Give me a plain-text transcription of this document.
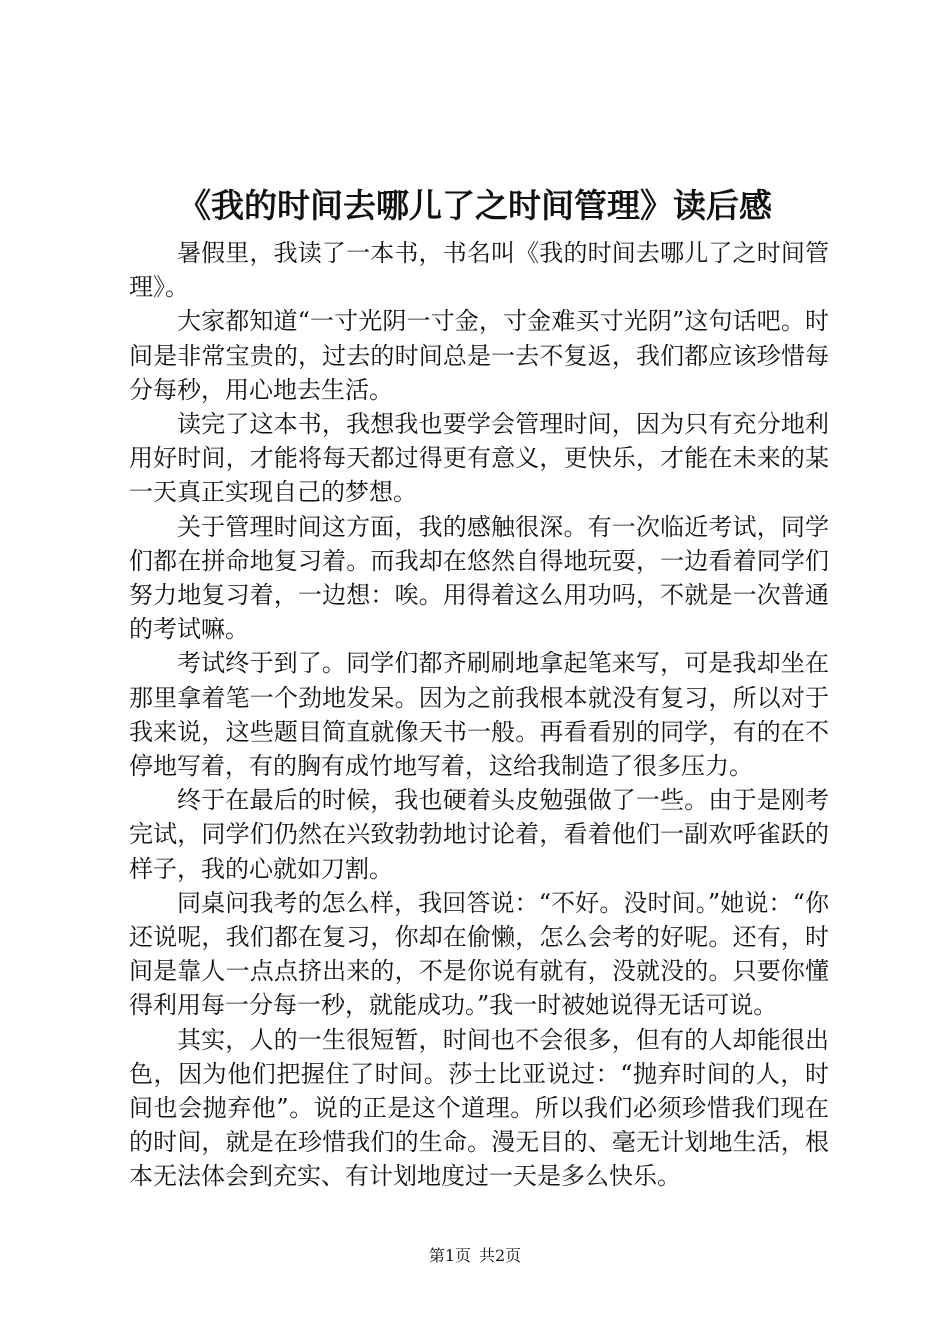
《我的时间去哪儿了之时间管理》读后感

暑假里，我读了一本书，书名叫《我的时间去哪儿了之时间管理》。

大家都知道“一寸光阴一寸金，寸金难买寸光阴”这句话吧。时间是非常宝贵的，过去的时间总是一去不复返，我们都应该珍惜每分每秒，用心地去生活。

读完了这本书，我想我也要学会管理时间，因为只有充分地利用好时间，才能将每天都过得更有意义，更快乐，才能在未来的某一天真正实现自己的梦想。

关于管理时间这方面，我的感触很深。有一次临近考试，同学们都在拼命地复习着。而我却在悠然自得地玩耍，一边看着同学们努力地复习着，一边想：唉。用得着这么用功吗，不就是一次普通的考试嘛。

考试终于到了。同学们都齐刷刷地拿起笔来写，可是我却坐在那里拿着笔一个劲地发呆。因为之前我根本就没有复习，所以对于我来说，这些题目简直就像天书一般。再看看别的同学，有的在不停地写着，有的胸有成竹地写着，这给我制造了很多压力。

终于在最后的时候，我也硬着头皮勉强做了一些。由于是刚考完试，同学们仍然在兴致勃勃地讨论着，看着他们一副欢呼雀跃的样子，我的心就如刀割。

同桌问我考的怎么样，我回答说：“不好。没时间。”她说：“你还说呢，我们都在复习，你却在偷懒，怎么会考的好呢。还有，时间是靠人一点点挤出来的，不是你说有就有，没就没的。只要你懂得利用每一分每一秒，就能成功。”我一时被她说得无话可说。

其实，人的一生很短暂，时间也不会很多，但有的人却能很出色，因为他们把握住了时间。莎士比亚说过：“抛弃时间的人，时间也会抛弃他”。说的正是这个道理。所以我们必须珍惜我们现在的时间，就是在珍惜我们的生命。漫无目的、毫无计划地生活，根本无法体会到充实、有计划地度过一天是多么快乐。

第1页 共2页
